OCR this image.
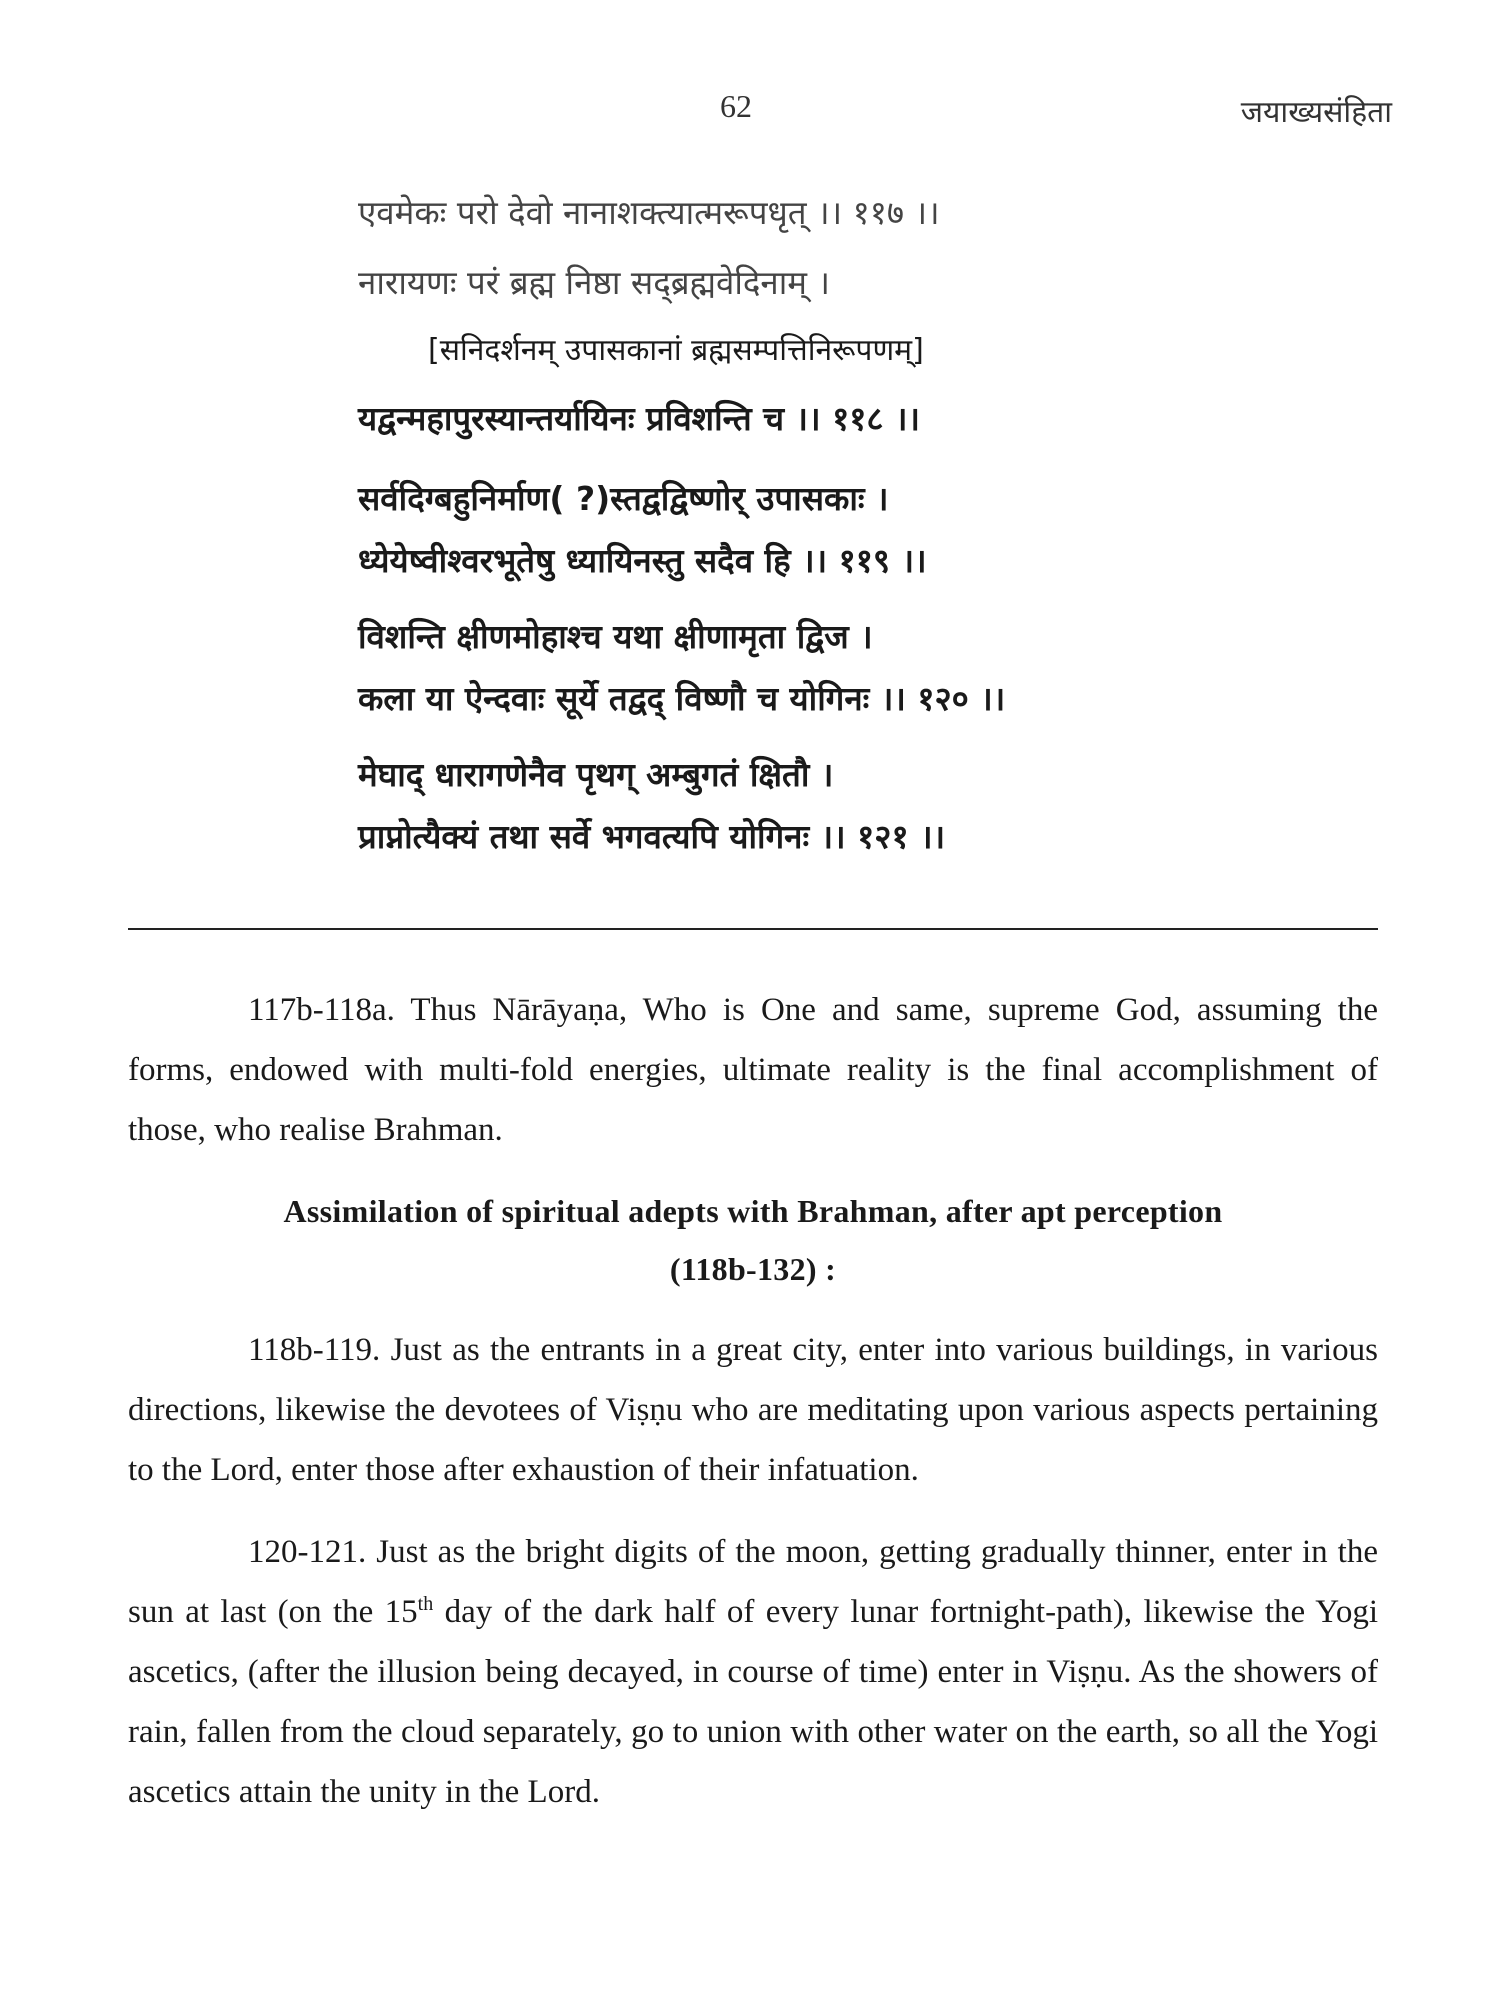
62	जयाख्यसंहिता
एवमेकः परो देवो नानाशक्त्यात्मरूपधृत् ।। ११७ ।।
नारायणः परं ब्रह्म निष्ठा सद्ब्रह्मवेदिनाम् ।
[सनिदर्शनम् उपासकानां ब्रह्मसम्पत्तिनिरूपणम्]
यद्वन्महापुरस्यान्तर्यायिनः प्रविशन्ति च ।। ११८ ।।
सर्वदिग्बहुनिर्माण( ?)स्तद्वद्विष्णोर् उपासकाः ।
ध्येयेष्वीश्वरभूतेषु ध्यायिनस्तु सदैव हि ।। ११९ ।।
विशन्ति क्षीणमोहाश्च यथा क्षीणामृता द्विज ।
कला या ऐन्दवाः सूर्ये तद्वद् विष्णौ च योगिनः ।। १२० ।।
मेघाद् धारागणेनैव पृथग् अम्बुगतं क्षितौ ।
प्राप्नोत्यैक्यं तथा सर्वे भगवत्यपि योगिनः ।। १२१ ।।

117b-118a. Thus Nārāyaṇa, Who is One and same, supreme God, assuming the forms, endowed with multi-fold energies, ultimate reality is the final accomplishment of those, who realise Brahman.

Assimilation of spiritual adepts with Brahman, after apt perception
(118b-132) :

118b-119. Just as the entrants in a great city, enter into various buildings, in various directions, likewise the devotees of Viṣṇu who are meditating upon various aspects pertaining to the Lord, enter those after exhaustion of their infatuation.

120-121. Just as the bright digits of the moon, getting gradually thinner, enter in the sun at last (on the 15th day of the dark half of every lunar fortnight-path), likewise the Yogi ascetics, (after the illusion being decayed, in course of time) enter in Viṣṇu. As the showers of rain, fallen from the cloud separately, go to union with other water on the earth, so all the Yogi ascetics attain the unity in the Lord.
